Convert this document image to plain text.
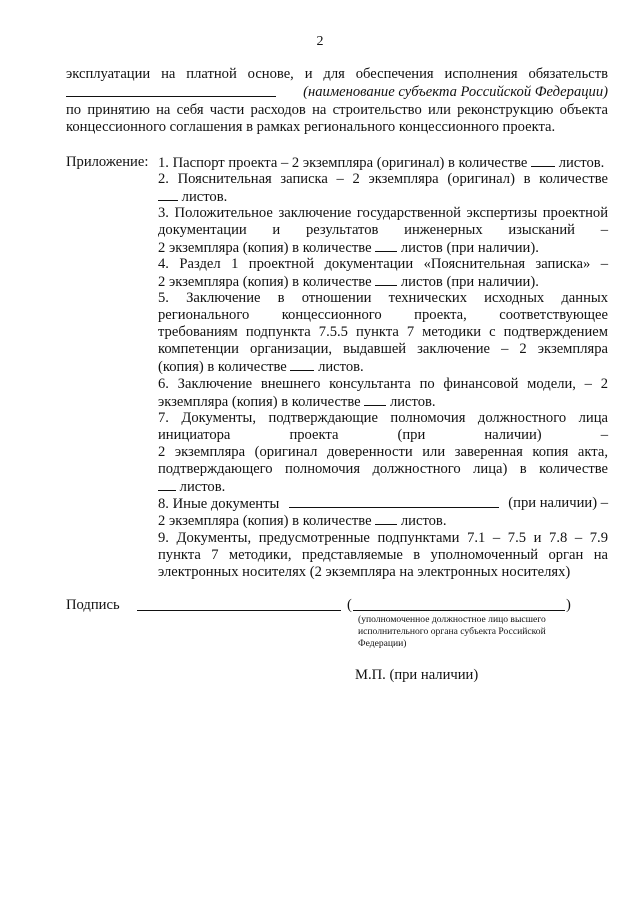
2
эксплуатации на платной основе, и для обеспечения исполнения обязательств
(наименование субъекта Российской Федерации)
по принятию на себя части расходов на строительство или реконструкцию объекта
концессионного соглашения в рамках регионального концессионного проекта.
Приложение: 1. Паспорт проекта – 2 экземпляра (оригинал) в количестве листов.
2. Пояснительная записка – 2 экземпляра (оригинал) в количестве
листов.
3. Положительное заключение государственной экспертизы проектной
документации и результатов инженерных изысканий –
2 экземпляра (копия) в количестве листов (при наличии).
4. Раздел 1 проектной документации «Пояснительная записка» –
2 экземпляра (копия) в количестве листов (при наличии).
5. Заключение в отношении технических исходных данных
регионального концессионного проекта, соответствующее
требованиям подпункта 7.5.5 пункта 7 методики с подтверждением
компетенции организации, выдавшей заключение – 2 экземпляра
(копия) в количестве листов.
6. Заключение внешнего консультанта по финансовой модели, – 2
экземпляра (копия) в количестве листов.
7. Документы, подтверждающие полномочия должностного лица
инициатора проекта (при наличии) –
2 экземпляра (оригинал доверенности или заверенная копия акта,
подтверждающего полномочия должностного лица) в количестве
листов.
8. Иные документы	(при наличии) –
2 экземпляра (копия) в количестве листов.
9. Документы, предусмотренные подпунктами 7.1 – 7.5 и 7.8 – 7.9
пункта 7 методики, представляемые в уполномоченный орган на
электронных носителях (2 экземпляра на электронных носителях)
Подпись	(	)
(уполномоченное должностное лицо высшего
исполнительного органа субъекта Российской
Федерации)
М.П. (при наличии)
